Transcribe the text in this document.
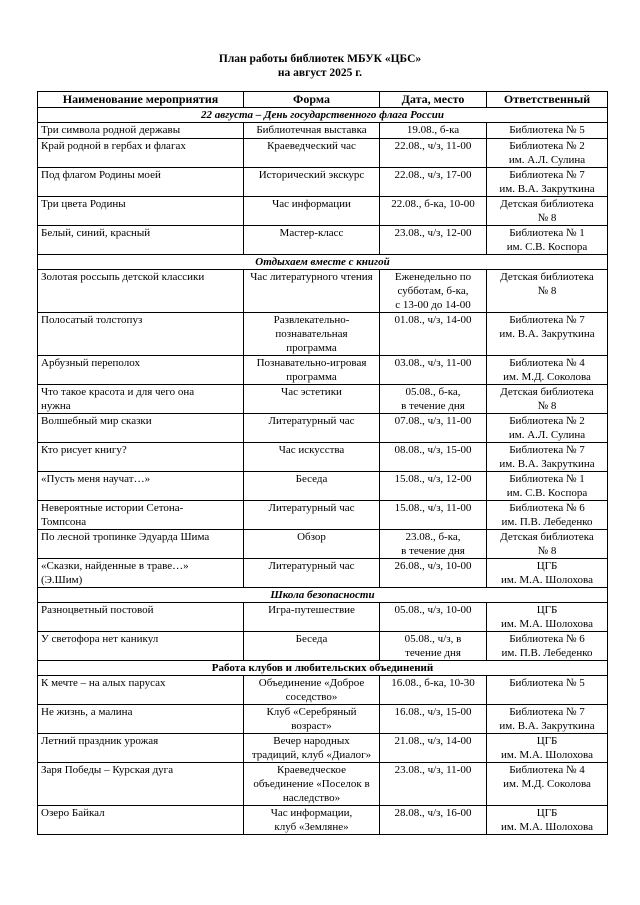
План работы библиотек МБУК «ЦБС»
на август 2025 г.
Наименование мероприятия	Форма	Дата, место	Ответственный
22 августа – День государственного флага России			
Три символа родной державы	Библиотечная выставка	19.08., б-ка	Библиотека № 5
Край родной в гербах и флагах	Краеведческий час	22.08., ч/з, 11-00	Библиотека № 2
им. А.Л. Сулина
Под флагом Родины моей	Исторический экскурс	22.08., ч/з, 17-00	Библиотека № 7
им. В.А. Закруткина
Три цвета Родины	Час информации	22.08., б-ка, 10-00	Детская библиотека
№ 8
Белый, синий, красный	Мастер-класс	23.08., ч/з, 12-00	Библиотека № 1
им. С.В. Коспора
Отдыхаем вместе с книгой			
Золотая россыпь детской классики	Час литературного чтения	Еженедельно по
субботам, б-ка,
с 13-00 до 14-00	Детская библиотека
№ 8
Полосатый толстопуз	Развлекательно-
познавательная
программа	01.08., ч/з, 14-00	Библиотека № 7
им. В.А. Закруткина
Арбузный переполох	Познавательно-игровая
программа	03.08., ч/з, 11-00	Библиотека № 4
им. М.Д. Соколова
Что такое красота и для чего она
нужна	Час эстетики	05.08., б-ка,
в течение дня	Детская библиотека
№ 8
Волшебный мир сказки	Литературный час	07.08., ч/з, 11-00	Библиотека № 2
им. А.Л. Сулина
Кто рисует книгу?	Час искусства	08.08., ч/з, 15-00	Библиотека № 7
им. В.А. Закруткина
«Пусть меня научат…»	Беседа	15.08., ч/з, 12-00	Библиотека № 1
им. С.В. Коспора
Невероятные истории Сетона-
Томпсона	Литературный час	15.08., ч/з, 11-00	Библиотека № 6
им. П.В. Лебеденко
По лесной тропинке Эдуарда Шима	Обзор	23.08., б-ка,
в течение дня	Детская библиотека
№ 8
«Сказки, найденные в траве…»
(Э.Шим)	Литературный час	26.08., ч/з, 10-00	ЦГБ
им. М.А. Шолохова
Школа безопасности			
Разноцветный постовой	Игра-путешествие	05.08., ч/з, 10-00	ЦГБ
им. М.А. Шолохова
У светофора нет каникул	Беседа	05.08., ч/з, в
течение дня	Библиотека № 6
им. П.В. Лебеденко
Работа клубов и любительских объединений			
К мечте – на алых парусах	Объединение «Доброе
соседство»	16.08., б-ка, 10-30	Библиотека № 5
Не жизнь, а малина	Клуб «Серебряный
возраст»	16.08., ч/з, 15-00	Библиотека № 7
им. В.А. Закруткина
Летний праздник урожая	Вечер народных
традиций, клуб «Диалог»	21.08., ч/з, 14-00	ЦГБ
им. М.А. Шолохова
Заря Победы – Курская дуга	Краеведческое
объединение «Поселок в
наследство»	23.08., ч/з, 11-00	Библиотека № 4
им. М.Д. Соколова
Озеро Байкал	Час информации,
клуб «Земляне»	28.08., ч/з, 16-00	ЦГБ
им. М.А. Шолохова
